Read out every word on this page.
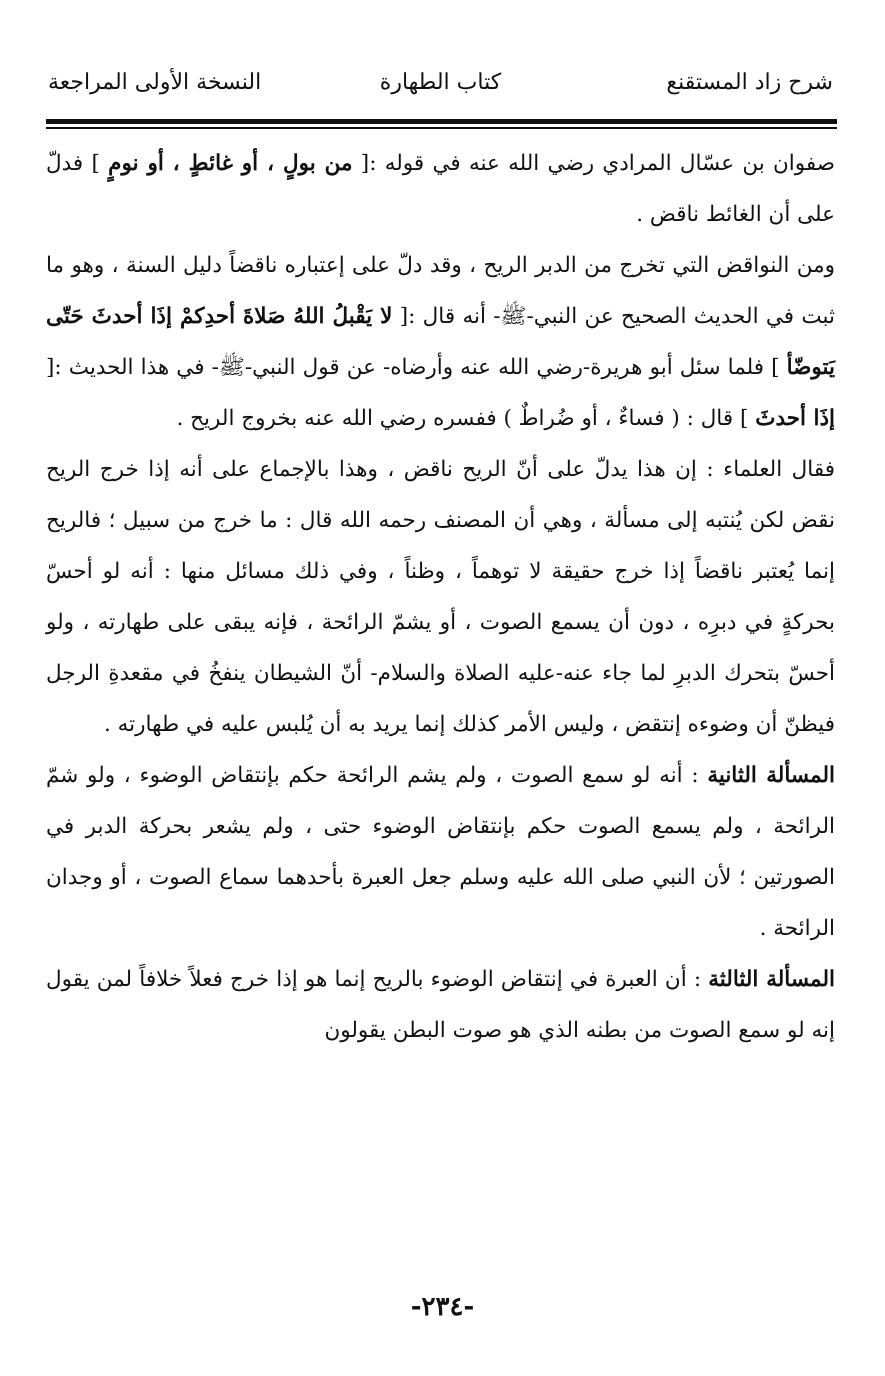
شرح زاد المستقنع
كتاب الطهارة
النسخة الأولى المراجعة

صفوان بن عسّال المرادي رضي الله عنه في قوله :[ من بولٍ ، أو غائطٍ ، أو نومٍ ] فدلّ على أن الغائط ناقض .

ومن النواقض التي تخرج من الدبر الريح ، وقد دلّ على إعتباره ناقضاً دليل السنة ، وهو ما ثبت في الحديث الصحيح عن النبي-ﷺ- أنه قال :[ لا يَقْبلُ اللهُ صَلاةَ أحدِكمْ إذَا أحدثَ حَتّى يَتوضّأ ] فلما سئل أبو هريرة-رضي الله عنه وأرضاه- عن قول النبي-ﷺ- في هذا الحديث :[ إذَا أحدثَ ] قال : ( فساءٌ ، أو ضُراطٌ ) ففسره رضي الله عنه بخروج الريح .

فقال العلماء : إن هذا يدلّ على أنّ الريح ناقض ، وهذا بالإجماع على أنه إذا خرج الريح نقض لكن يُنتبه إلى مسألة ، وهي أن المصنف رحمه الله قال : ما خرج من سبيل ؛ فالريح إنما يُعتبر ناقضاً إذا خرج حقيقة لا توهماً ، وظناً ، وفي ذلك مسائل منها : أنه لو أحسّ بحركةٍ في دبرِه ، دون أن يسمع الصوت ، أو يشمّ الرائحة ، فإنه يبقى على طهارته ، ولو أحسّ بتحرك الدبرِ لما جاء عنه-عليه الصلاة والسلام- أنّ الشيطان ينفخُ في مقعدةِ الرجل فيظنّ أن وضوءه إنتقض ، وليس الأمر كذلك إنما يريد به أن يُلبس عليه في طهارته .

المسألة الثانية : أنه لو سمع الصوت ، ولم يشم الرائحة حكم بإنتقاض الوضوء ، ولو شمّ الرائحة ، ولم يسمع الصوت حكم بإنتقاض الوضوء حتى ، ولم يشعر بحركة الدبر في الصورتين ؛ لأن النبي صلى الله عليه وسلم جعل العبرة بأحدهما سماع الصوت ، أو وجدان الرائحة .

المسألة الثالثة : أن العبرة في إنتقاض الوضوء بالريح إنما هو إذا خرج فعلاً خلافاً لمن يقول إنه لو سمع الصوت من بطنه الذي هو صوت البطن يقولون

-٢٣٤-
